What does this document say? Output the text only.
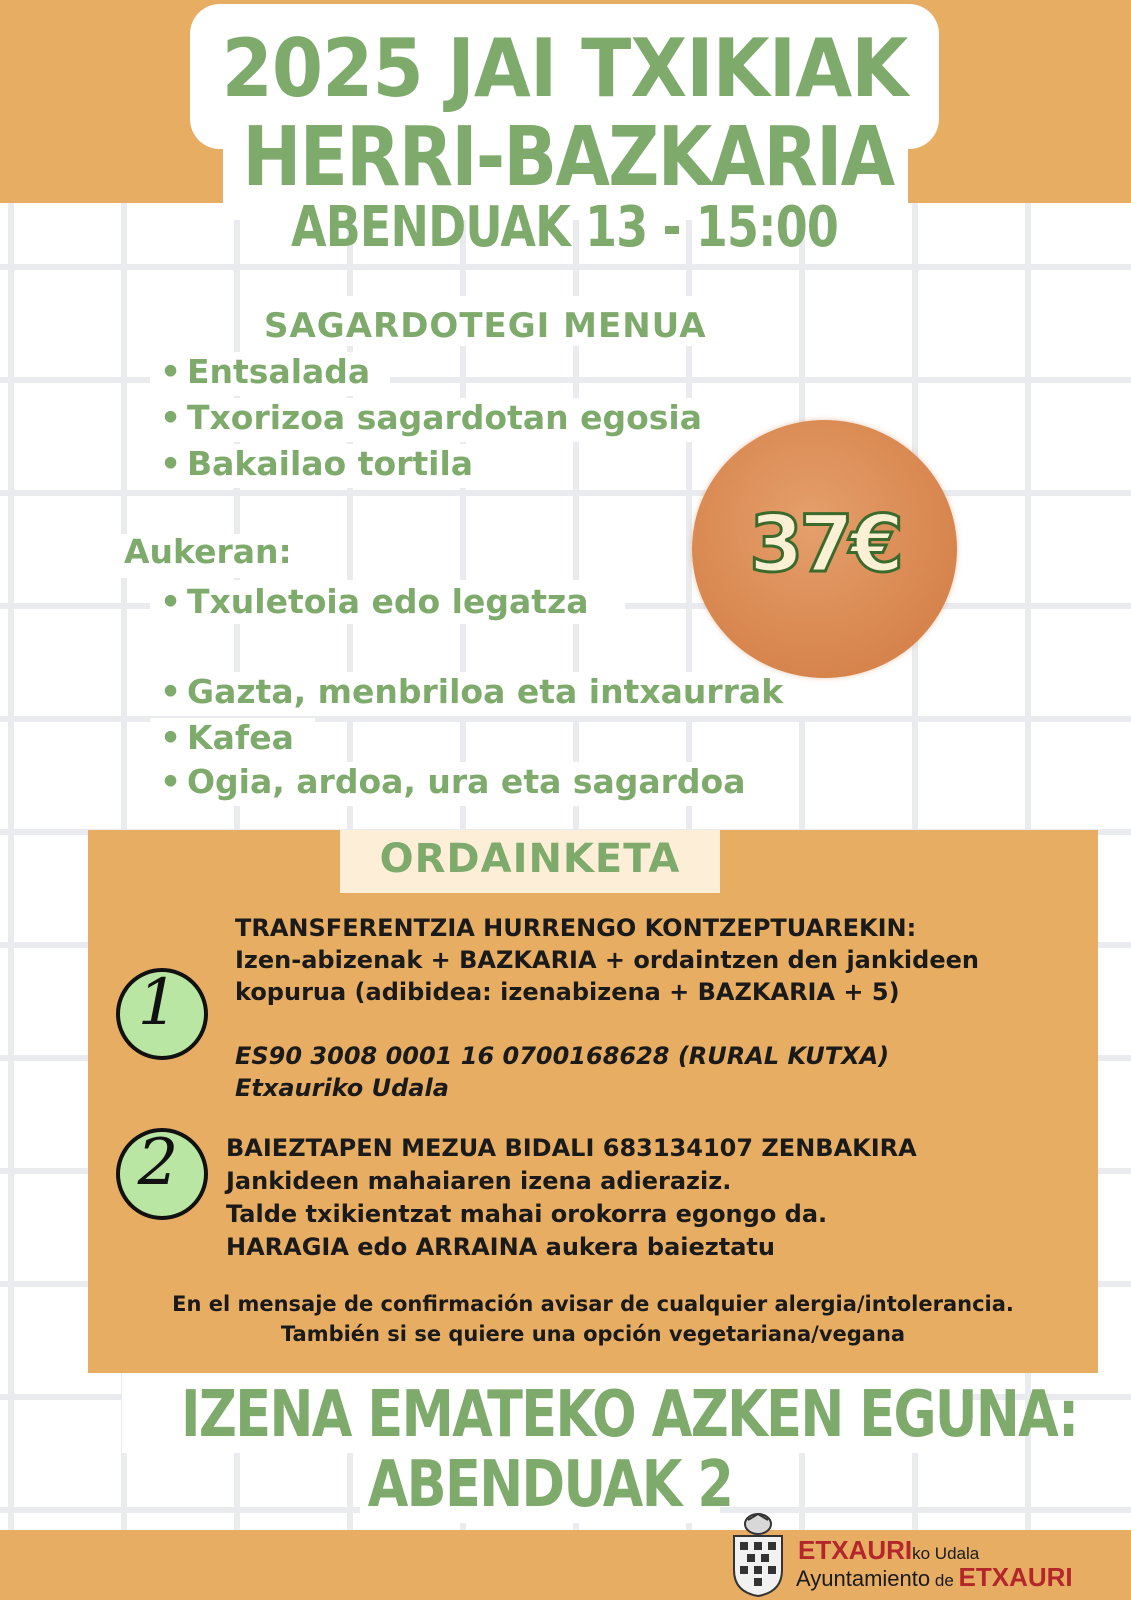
2025 JAI TXIKIAK
HERRI-BAZKARIA
ABENDUAK 13 - 15:00
SAGARDOTEGI MENUA
• Entsalada
• Txorizoa sagardotan egosia
• Bakailao tortila
Aukeran:
• Txuletoia edo legatza
• Gazta, menbriloa eta intxaurrak
• Kafea
• Ogia, ardoa, ura eta sagardoa
37€
ORDAINKETA
1
TRANSFERENTZIA HURRENGO KONTZEPTUAREKIN:
Izen-abizenak + BAZKARIA + ordaintzen den jankideen
kopurua (adibidea: izenabizena + BAZKARIA + 5)
ES90 3008 0001 16 0700168628 (RURAL KUTXA)
Etxauriko Udala
2	BAIEZTAPEN MEZUA BIDALI 683134107 ZENBAKIRA
Jankideen mahaiaren izena adieraziz.
Talde txikientzat mahai orokorra egongo da.
HARAGIA edo ARRAINA aukera baieztatu
En el mensaje de confirmación avisar de cualquier alergia/intolerancia.
También si se quiere una opción vegetariana/vegana
IZENA EMATEKO AZKEN EGUNA:
ABENDUAK 2
ETXAURIko Udala
Ayuntamiento de ETXAURI
